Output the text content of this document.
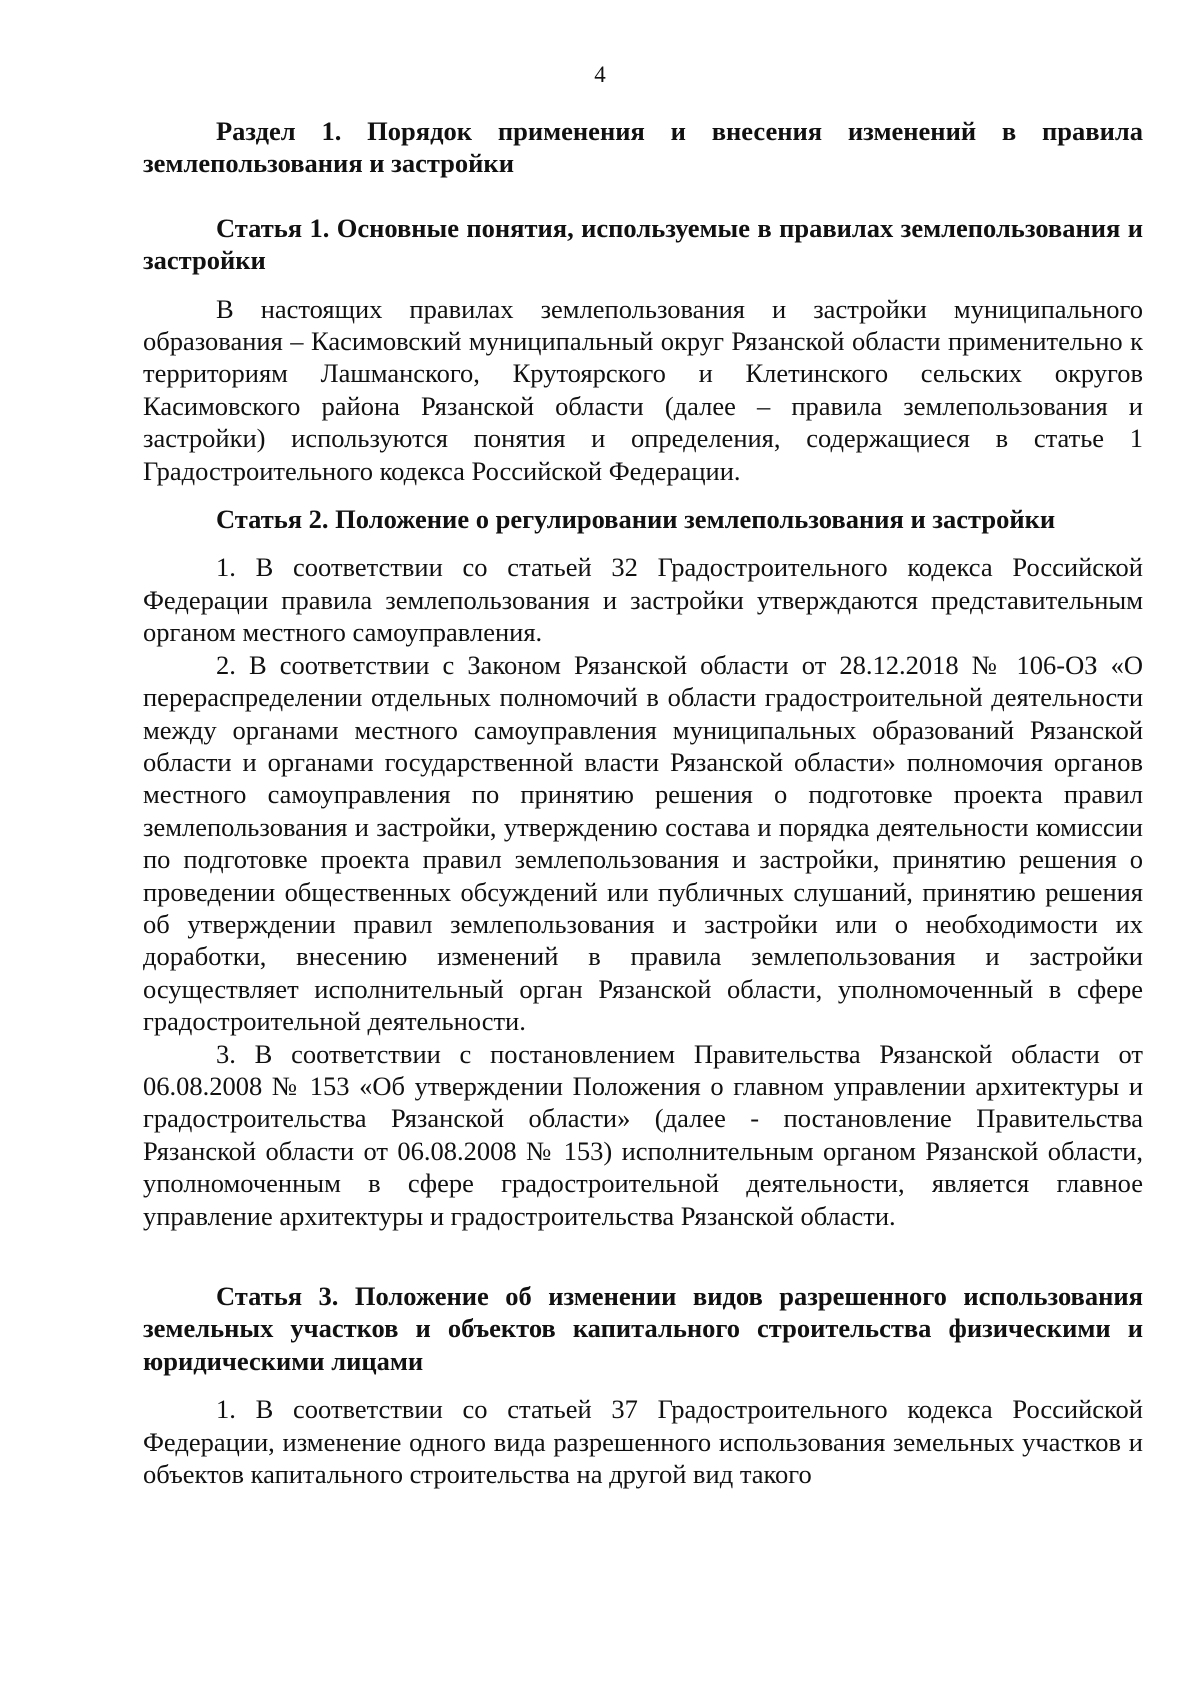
4
Раздел 1. Порядок применения и внесения изменений в правила землепользования и застройки
Статья 1. Основные понятия, используемые в правилах землепользования и застройки

В настоящих правилах землепользования и застройки муниципального образования – Касимовский муниципальный округ Рязанской области применительно к территориям Лашманского, Крутоярского и Клетинского сельских округов Касимовского района Рязанской области (далее – правила землепользования и застройки) используются понятия и определения, содержащиеся в статье 1 Градостроительного кодекса Российской Федерации.

Статья 2. Положение о регулировании землепользования и застройки

1. В соответствии со статьей 32 Градостроительного кодекса Российской Федерации правила землепользования и застройки утверждаются представительным органом местного самоуправления.

2. В соответствии с Законом Рязанской области от 28.12.2018 № 106-ОЗ «О перераспределении отдельных полномочий в области градостроительной деятельности между органами местного самоуправления муниципальных образований Рязанской области и органами государственной власти Рязанской области» полномочия органов местного самоуправления по принятию решения о подготовке проекта правил землепользования и застройки, утверждению состава и порядка деятельности комиссии по подготовке проекта правил землепользования и застройки, принятию решения о проведении общественных обсуждений или публичных слушаний, принятию решения об утверждении правил землепользования и застройки или о необходимости их доработки, внесению изменений в правила землепользования и застройки осуществляет исполнительный орган Рязанской области, уполномоченный в сфере градостроительной деятельности.

3. В соответствии с постановлением Правительства Рязанской области от 06.08.2008 № 153 «Об утверждении Положения о главном управлении архитектуры и градостроительства Рязанской области» (далее - постановление Правительства Рязанской области от 06.08.2008 № 153) исполнительным органом Рязанской области, уполномоченным в сфере градостроительной деятельности, является главное управление архитектуры и градостроительства Рязанской области.

Статья 3. Положение об изменении видов разрешенного использования земельных участков и объектов капитального строительства физическими и юридическими лицами

1. В соответствии со статьей 37 Градостроительного кодекса Российской Федерации, изменение одного вида разрешенного использования земельных участков и объектов капитального строительства на другой вид такого
